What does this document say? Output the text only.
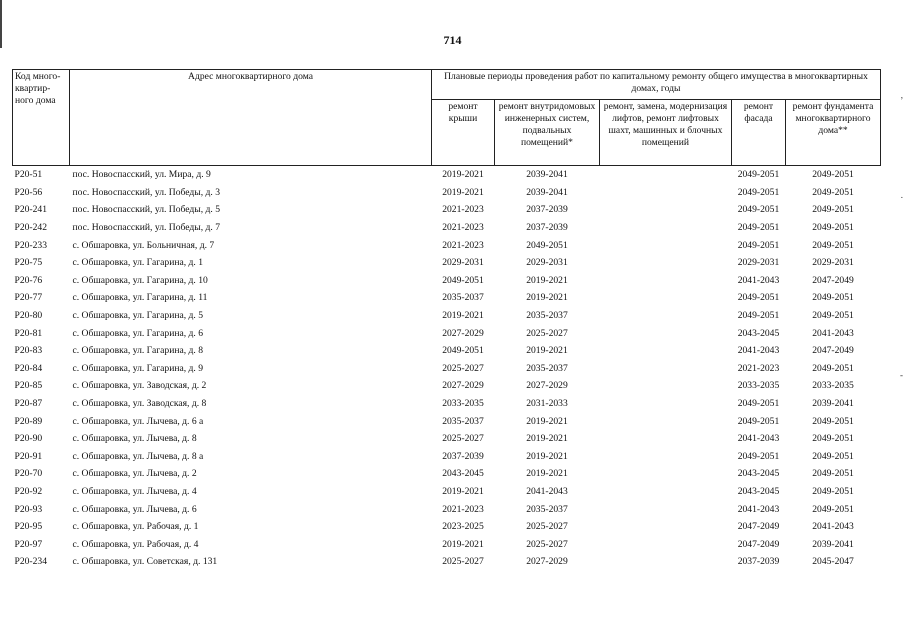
,
.
-
714
Код много-квартир-ного дома	Адрес многоквартирного дома	Плановые периоды проведения работ по капитальному ремонту общего имущества в многоквартирных домах, годы				
		ремонт крыши	ремонт внутридомовых инженерных систем, подвальных помещений*	ремонт, замена, модернизация лифтов, ремонт лифтовых шахт, машинных и блочных помещений	ремонт фасада	ремонт фундамента многоквартирного дома**
Р20-51	пос. Новоспасский, ул. Мира, д. 9	2019-2021	2039-2041		2049-2051	2049-2051
Р20-56	пос. Новоспасский, ул. Победы, д. 3	2019-2021	2039-2041		2049-2051	2049-2051
Р20-241	пос. Новоспасский, ул. Победы, д. 5	2021-2023	2037-2039		2049-2051	2049-2051
Р20-242	пос. Новоспасский, ул. Победы, д. 7	2021-2023	2037-2039		2049-2051	2049-2051
Р20-233	с. Обшаровка, ул. Больничная, д. 7	2021-2023	2049-2051		2049-2051	2049-2051
Р20-75	с. Обшаровка, ул. Гагарина, д. 1	2029-2031	2029-2031		2029-2031	2029-2031
Р20-76	с. Обшаровка, ул. Гагарина, д. 10	2049-2051	2019-2021		2041-2043	2047-2049
Р20-77	с. Обшаровка, ул. Гагарина, д. 11	2035-2037	2019-2021		2049-2051	2049-2051
Р20-80	с. Обшаровка, ул. Гагарина, д. 5	2019-2021	2035-2037		2049-2051	2049-2051
Р20-81	с. Обшаровка, ул. Гагарина, д. 6	2027-2029	2025-2027		2043-2045	2041-2043
Р20-83	с. Обшаровка, ул. Гагарина, д. 8	2049-2051	2019-2021		2041-2043	2047-2049
Р20-84	с. Обшаровка, ул. Гагарина, д. 9	2025-2027	2035-2037		2021-2023	2049-2051
Р20-85	с. Обшаровка, ул. Заводская, д. 2	2027-2029	2027-2029		2033-2035	2033-2035
Р20-87	с. Обшаровка, ул. Заводская, д. 8	2033-2035	2031-2033		2049-2051	2039-2041
Р20-89	с. Обшаровка, ул. Лычева, д. 6 а	2035-2037	2019-2021		2049-2051	2049-2051
Р20-90	с. Обшаровка, ул. Лычева, д. 8	2025-2027	2019-2021		2041-2043	2049-2051
Р20-91	с. Обшаровка, ул. Лычева, д. 8 а	2037-2039	2019-2021		2049-2051	2049-2051
Р20-70	с. Обшаровка, ул. Лычева, д. 2	2043-2045	2019-2021		2043-2045	2049-2051
Р20-92	с. Обшаровка, ул. Лычева, д. 4	2019-2021	2041-2043		2043-2045	2049-2051
Р20-93	с. Обшаровка, ул. Лычева, д. 6	2021-2023	2035-2037		2041-2043	2049-2051
Р20-95	с. Обшаровка, ул. Рабочая, д. 1	2023-2025	2025-2027		2047-2049	2041-2043
Р20-97	с. Обшаровка, ул. Рабочая, д. 4	2019-2021	2025-2027		2047-2049	2039-2041
Р20-234	с. Обшаровка, ул. Советская, д. 131	2025-2027	2027-2029		2037-2039	2045-2047
